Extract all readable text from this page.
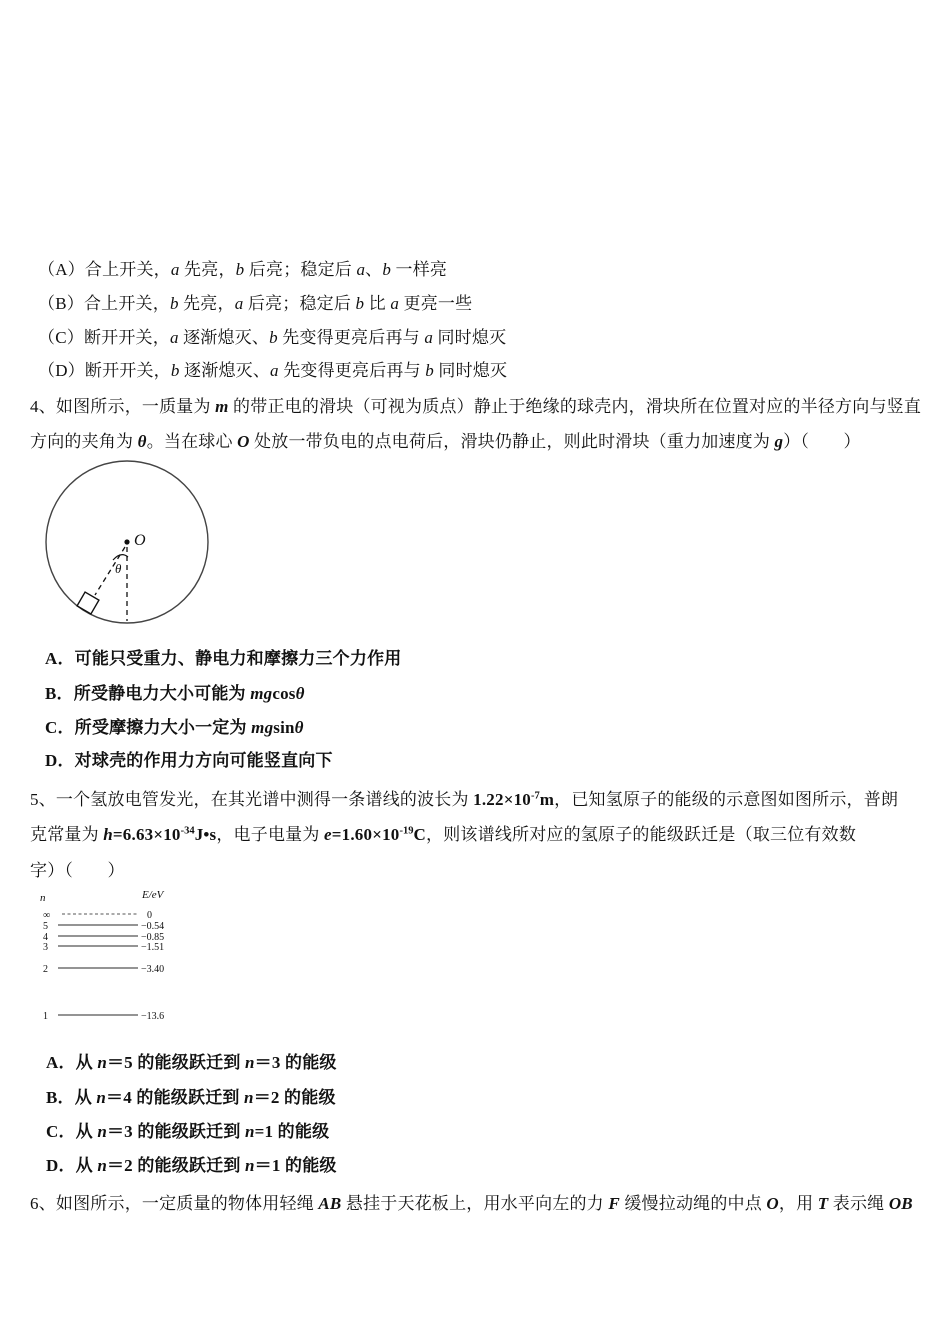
（A）合上开关，a 先亮，b 后亮；稳定后 a、b 一样亮
（B）合上开关，b 先亮，a 后亮；稳定后 b 比 a 更亮一些
（C）断开开关，a 逐渐熄灭、b 先变得更亮后再与 a 同时熄灭
（D）断开开关，b 逐渐熄灭、a 先变得更亮后再与 b 同时熄灭
4、如图所示，一质量为 m 的带正电的滑块（可视为质点）静止于绝缘的球壳内，滑块所在位置对应的半径方向与竖直
方向的夹角为 θ。当在球心 O 处放一带负电的点电荷后，滑块仍静止，则此时滑块（重力加速度为 g）（　　）
O
θ
A．可能只受重力、静电力和摩擦力三个力作用
B．所受静电力大小可能为 mgcosθ
C．所受摩擦力大小一定为 mgsinθ
D．对球壳的作用力方向可能竖直向下
5、一个氢放电管发光，在其光谱中测得一条谱线的波长为 $1.22\times 10^{-7}m$，已知氢原子的能级的示意图如图所示，普朗
克常量为 $h=6.63\times 10^{-34}J•s$，电子电量为 $e=1.60\times 10^{-19}C$，则该谱线所对应的氢原子的能级跃迁是（取三位有效数
字）（　　）
n	E/eV
∞	0
5	−0.54
4	−0.85
3	−1.51
2	−3.40
1	−13.6
A．从 n＝5 的能级跃迁到 n＝3 的能级
B．从 n＝4 的能级跃迁到 n＝2 的能级
C．从 n＝3 的能级跃迁到 n=1 的能级
D．从 n＝2 的能级跃迁到 n＝1 的能级
6、如图所示，一定质量的物体用轻绳 AB 悬挂于天花板上，用水平向左的力 F 缓慢拉动绳的中点 O，用 T 表示绳 OB
